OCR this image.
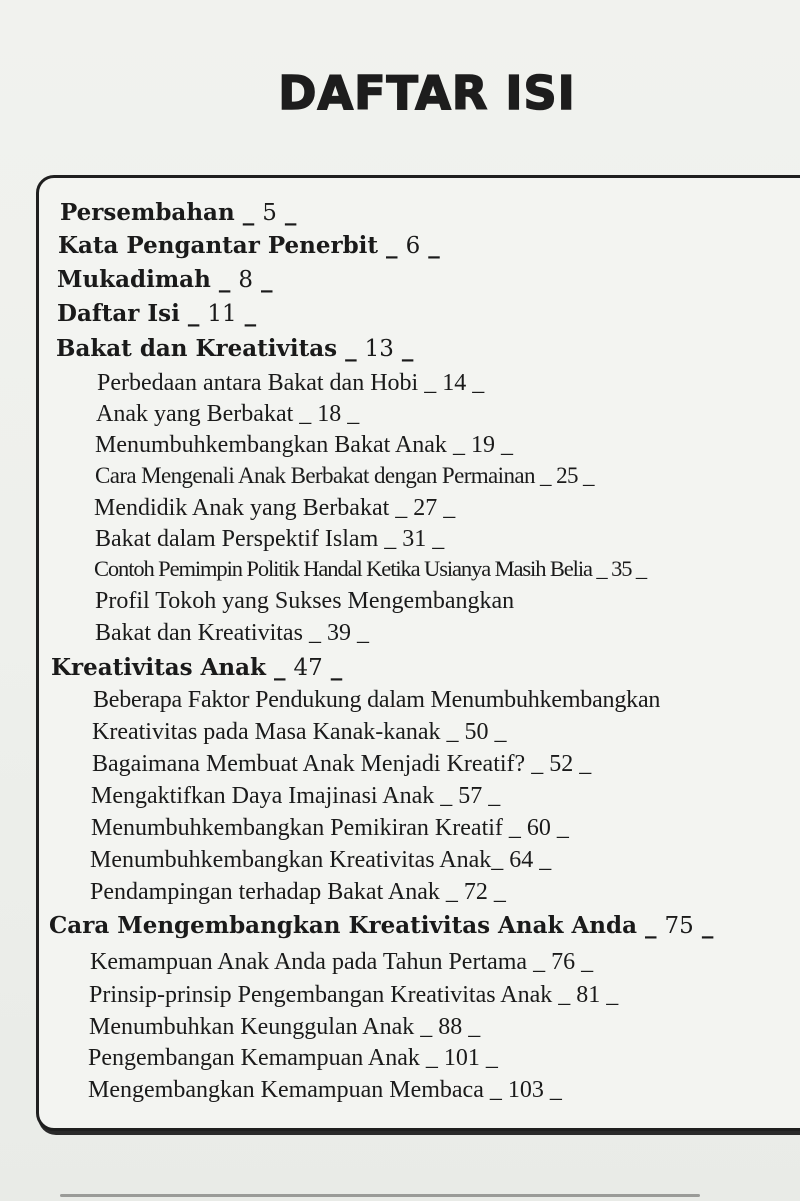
DAFTAR ISI
Persembahan _ 5 _
Kata Pengantar Penerbit _ 6 _
Mukadimah _ 8 _
Daftar Isi _ 11 _
Bakat dan Kreativitas _ 13 _
Perbedaan antara Bakat dan Hobi _ 14 _
Anak yang Berbakat _ 18 _
Menumbuhkembangkan Bakat Anak _ 19 _
Cara Mengenali Anak Berbakat dengan Permainan _ 25 _
Mendidik Anak yang Berbakat _ 27 _
Bakat dalam Perspektif Islam _ 31 _
Contoh Pemimpin Politik Handal Ketika Usianya Masih Belia _ 35 _
Profil Tokoh yang Sukses Mengembangkan
Bakat dan Kreativitas _ 39 _
Kreativitas Anak _ 47 _
Beberapa Faktor Pendukung dalam Menumbuhkembangkan
Kreativitas pada Masa Kanak-kanak _ 50 _
Bagaimana Membuat Anak Menjadi Kreatif? _ 52 _
Mengaktifkan Daya Imajinasi Anak _ 57 _
Menumbuhkembangkan Pemikiran Kreatif _ 60 _
Menumbuhkembangkan Kreativitas Anak_ 64 _
Pendampingan terhadap Bakat Anak _ 72 _
Cara Mengembangkan Kreativitas Anak Anda _ 75 _
Kemampuan Anak Anda pada Tahun Pertama _ 76 _
Prinsip-prinsip Pengembangan Kreativitas Anak _ 81 _
Menumbuhkan Keunggulan Anak _ 88 _
Pengembangan Kemampuan Anak _ 101 _
Mengembangkan Kemampuan Membaca _ 103 _
